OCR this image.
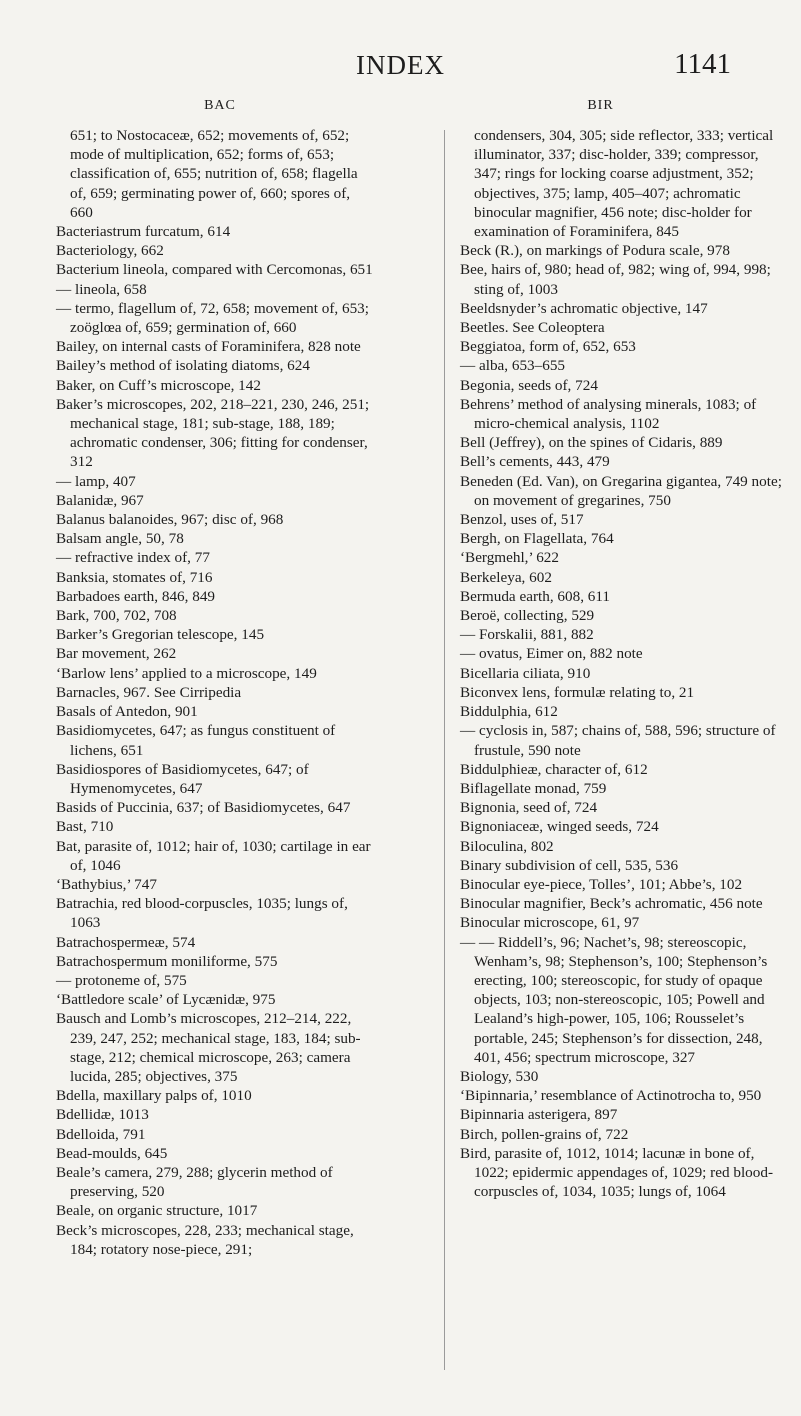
INDEX	1141
BAC	BIR

651; to Nostocaceæ, 652; movements of, 652; mode of multiplication, 652; forms of, 653; classification of, 655; nutrition of, 658; flagella of, 659; germinating power of, 660; spores of, 660

Bacteriastrum furcatum, 614

Bacteriology, 662

Bacterium lineola, compared with Cercomonas, 651

— lineola, 658

— termo, flagellum of, 72, 658; movement of, 653; zoöglœa of, 659; germination of, 660

Bailey, on internal casts of Foraminifera, 828 note

Bailey’s method of isolating diatoms, 624

Baker, on Cuff’s microscope, 142

Baker’s microscopes, 202, 218–221, 230, 246, 251; mechanical stage, 181; sub-stage, 188, 189; achromatic condenser, 306; fitting for condenser, 312

— lamp, 407

Balanidæ, 967

Balanus balanoides, 967; disc of, 968

Balsam angle, 50, 78

— refractive index of, 77

Banksia, stomates of, 716

Barbadoes earth, 846, 849

Bark, 700, 702, 708

Barker’s Gregorian telescope, 145

Bar movement, 262

‘Barlow lens’ applied to a microscope, 149

Barnacles, 967. See Cirripedia

Basals of Antedon, 901

Basidiomycetes, 647; as fungus constituent of lichens, 651

Basidiospores of Basidiomycetes, 647; of Hymenomycetes, 647

Basids of Puccinia, 637; of Basidiomycetes, 647

Bast, 710

Bat, parasite of, 1012; hair of, 1030; cartilage in ear of, 1046

‘Bathybius,’ 747

Batrachia, red blood-corpuscles, 1035; lungs of, 1063

Batrachospermeæ, 574

Batrachospermum moniliforme, 575

— protoneme of, 575

‘Battledore scale’ of Lycænidæ, 975

Bausch and Lomb’s microscopes, 212–214, 222, 239, 247, 252; mechanical stage, 183, 184; sub-stage, 212; chemical microscope, 263; camera lucida, 285; objectives, 375

Bdella, maxillary palps of, 1010

Bdellidæ, 1013

Bdelloida, 791

Bead-moulds, 645

Beale’s camera, 279, 288; glycerin method of preserving, 520

Beale, on organic structure, 1017

Beck’s microscopes, 228, 233; mechanical stage, 184; rotatory nose-piece, 291;

condensers, 304, 305; side reflector, 333; vertical illuminator, 337; disc-holder, 339; compressor, 347; rings for locking coarse adjustment, 352; objectives, 375; lamp, 405–407; achromatic binocular magnifier, 456 note; disc-holder for examination of Foraminifera, 845

Beck (R.), on markings of Podura scale, 978

Bee, hairs of, 980; head of, 982; wing of, 994, 998; sting of, 1003

Beeldsnyder’s achromatic objective, 147

Beetles. See Coleoptera

Beggiatoa, form of, 652, 653

— alba, 653–655

Begonia, seeds of, 724

Behrens’ method of analysing minerals, 1083; of micro-chemical analysis, 1102

Bell (Jeffrey), on the spines of Cidaris, 889

Bell’s cements, 443, 479

Beneden (Ed. Van), on Gregarina gigantea, 749 note; on movement of gregarines, 750

Benzol, uses of, 517

Bergh, on Flagellata, 764

‘Bergmehl,’ 622

Berkeleya, 602

Bermuda earth, 608, 611

Beroë, collecting, 529

— Forskalii, 881, 882

— ovatus, Eimer on, 882 note

Bicellaria ciliata, 910

Biconvex lens, formulæ relating to, 21

Biddulphia, 612

— cyclosis in, 587; chains of, 588, 596; structure of frustule, 590 note

Biddulphieæ, character of, 612

Biflagellate monad, 759

Bignonia, seed of, 724

Bignoniaceæ, winged seeds, 724

Biloculina, 802

Binary subdivision of cell, 535, 536

Binocular eye-piece, Tolles’, 101; Abbe’s, 102

Binocular magnifier, Beck’s achromatic, 456 note

Binocular microscope, 61, 97

— — Riddell’s, 96; Nachet’s, 98; stereoscopic, Wenham’s, 98; Stephenson’s, 100; Stephenson’s erecting, 100; stereoscopic, for study of opaque objects, 103; non-stereoscopic, 105; Powell and Lealand’s high-power, 105, 106; Rousselet’s portable, 245; Stephenson’s for dissection, 248, 401, 456; spectrum microscope, 327

Biology, 530

‘Bipinnaria,’ resemblance of Actinotrocha to, 950

Bipinnaria asterigera, 897

Birch, pollen-grains of, 722

Bird, parasite of, 1012, 1014; lacunæ in bone of, 1022; epidermic appendages of, 1029; red blood-corpuscles of, 1034, 1035; lungs of, 1064
